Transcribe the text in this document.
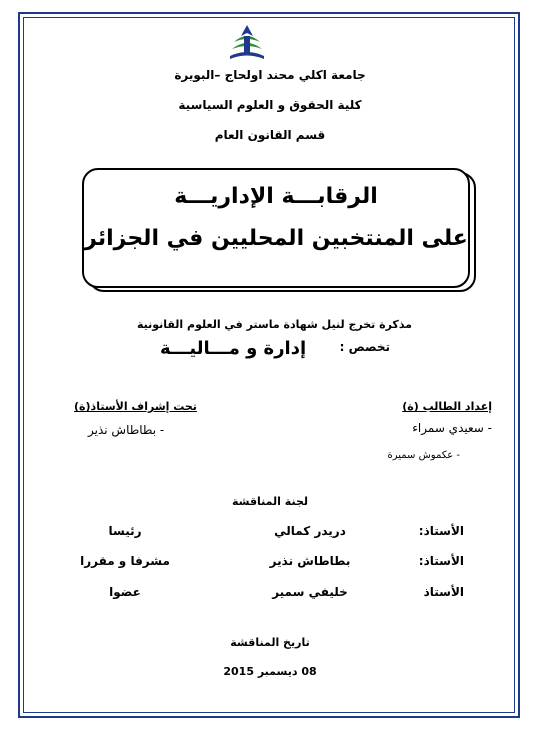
جامعة اكلي محند اولحاج –البويرة
كلية الحقوق و العلوم السياسية
قسم القانون العام
الرقابـــة الإداريـــة
على المنتخبين المحليين في الجزائر
مذكرة تخرج لنيل شهادة ماستر في العلوم القانونية
تخصص :
إدارة و مـــاليـــة
إعداد الطالب (ة)
- سعيدي سمراء
- عكموش سميرة
تحت إشراف الأستاذ(ة)
- بطاطاش نذير
لجنة المناقشة
الأستاذ:
دريدر كمالي
رئيسا
الأستاذ:
بطاطاش نذير
مشرفا و مقررا
الأستاذ
خليفي سمير
عضوا
تاريخ المناقشة
08 ديسمبر 2015
